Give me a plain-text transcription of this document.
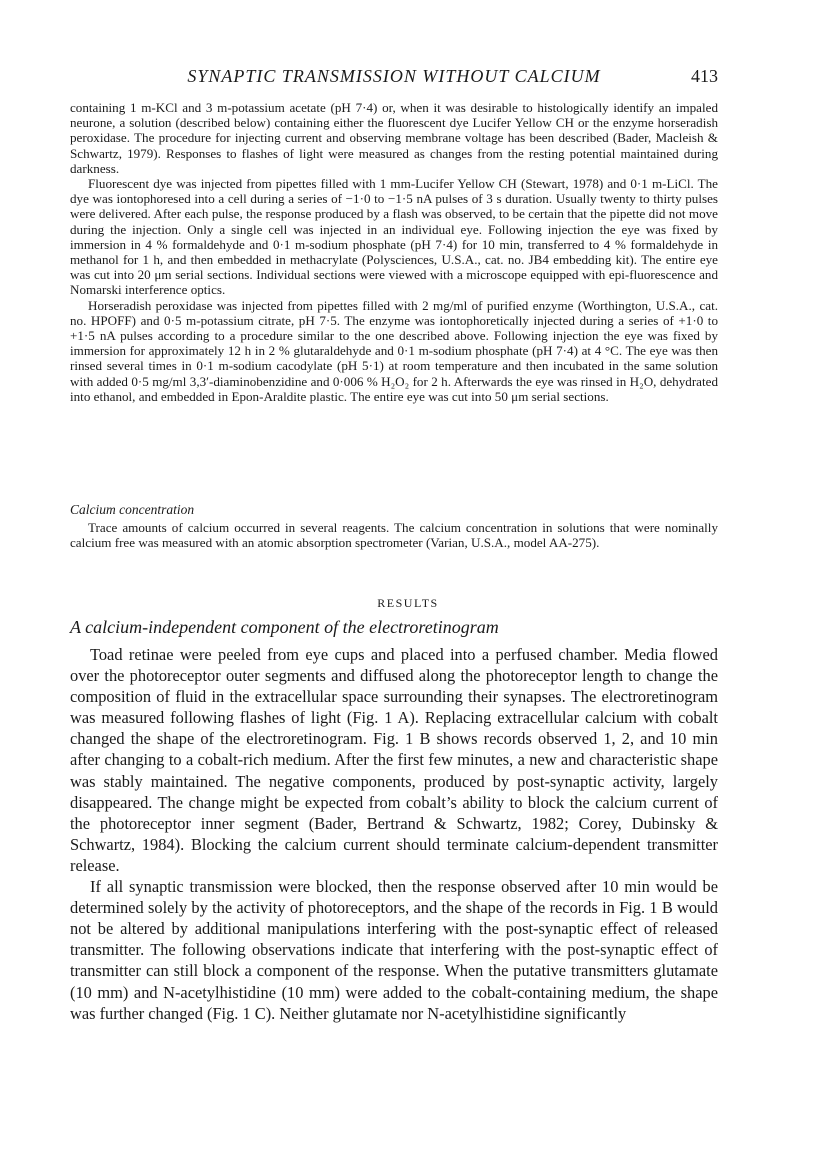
SYNAPTIC TRANSMISSION WITHOUT CALCIUM	413

containing 1 m-KCl and 3 m-potassium acetate (pH 7·4) or, when it was desirable to histologically identify an impaled neurone, a solution (described below) containing either the fluorescent dye Lucifer Yellow CH or the enzyme horseradish peroxidase. The procedure for injecting current and observing membrane voltage has been described (Bader, Macleish & Schwartz, 1979). Responses to flashes of light were measured as changes from the resting potential maintained during darkness.

Fluorescent dye was injected from pipettes filled with 1 mm-Lucifer Yellow CH (Stewart, 1978) and 0·1 m-LiCl. The dye was iontophoresed into a cell during a series of −1·0 to −1·5 nA pulses of 3 s duration. Usually twenty to thirty pulses were delivered. After each pulse, the response produced by a flash was observed, to be certain that the pipette did not move during the injection. Only a single cell was injected in an individual eye. Following injection the eye was fixed by immersion in 4 % formaldehyde and 0·1 m-sodium phosphate (pH 7·4) for 10 min, transferred to 4 % formaldehyde in methanol for 1 h, and then embedded in methacrylate (Polysciences, U.S.A., cat. no. JB4 embedding kit). The entire eye was cut into 20 μm serial sections. Individual sections were viewed with a microscope equipped with epi-fluorescence and Nomarski interference optics.

Horseradish peroxidase was injected from pipettes filled with 2 mg/ml of purified enzyme (Worthington, U.S.A., cat. no. HPOFF) and 0·5 m-potassium citrate, pH 7·5. The enzyme was iontophoretically injected during a series of +1·0 to +1·5 nA pulses according to a procedure similar to the one described above. Following injection the eye was fixed by immersion for approximately 12 h in 2 % glutaraldehyde and 0·1 m-sodium phosphate (pH 7·4) at 4 °C. The eye was then rinsed several times in 0·1 m-sodium cacodylate (pH 5·1) at room temperature and then incubated in the same solution with added 0·5 mg/ml 3,3′-diaminobenzidine and 0·006 % H₂O₂ for 2 h. Afterwards the eye was rinsed in H₂O, dehydrated into ethanol, and embedded in Epon-Araldite plastic. The entire eye was cut into 50 μm serial sections.

Calcium concentration

Trace amounts of calcium occurred in several reagents. The calcium concentration in solutions that were nominally calcium free was measured with an atomic absorption spectrometer (Varian, U.S.A., model AA-275).

RESULTS
A calcium-independent component of the electroretinogram

Toad retinae were peeled from eye cups and placed into a perfused chamber. Media flowed over the photoreceptor outer segments and diffused along the photoreceptor length to change the composition of fluid in the extracellular space surrounding their synapses. The electroretinogram was measured following flashes of light (Fig. 1 A). Replacing extracellular calcium with cobalt changed the shape of the electroretinogram. Fig. 1 B shows records observed 1, 2, and 10 min after changing to a cobalt-rich medium. After the first few minutes, a new and characteristic shape was stably maintained. The negative components, produced by post-synaptic activity, largely disappeared. The change might be expected from cobalt’s ability to block the calcium current of the photoreceptor inner segment (Bader, Bertrand & Schwartz, 1982; Corey, Dubinsky & Schwartz, 1984). Blocking the calcium current should terminate calcium-dependent transmitter release.

If all synaptic transmission were blocked, then the response observed after 10 min would be determined solely by the activity of photoreceptors, and the shape of the records in Fig. 1 B would not be altered by additional manipulations interfering with the post-synaptic effect of released transmitter. The following observations indicate that interfering with the post-synaptic effect of transmitter can still block a component of the response. When the putative transmitters glutamate (10 mm) and N-acetylhistidine (10 mm) were added to the cobalt-containing medium, the shape was further changed (Fig. 1 C). Neither glutamate nor N-acetylhistidine significantly
